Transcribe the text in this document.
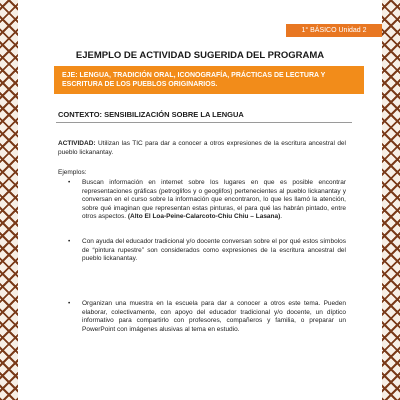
1° BÁSICO Unidad 2
EJEMPLO DE ACTIVIDAD SUGERIDA DEL PROGRAMA
EJE: LENGUA, TRADICIÓN ORAL, ICONOGRAFÍA, PRÁCTICAS DE LECTURA Y ESCRITURA DE LOS PUEBLOS ORIGINARIOS.
CONTEXTO: SENSIBILIZACIÓN SOBRE LA LENGUA

ACTIVIDAD: Utilizan las TIC para dar a conocer a otros expresiones de la escritura ancestral del pueblo lickanantay.

Ejemplos:

• Buscan información en internet sobre los lugares en que es posible encontrar representaciones gráficas (petroglifos y o geoglifos) pertenecientes al pueblo lickanantay y conversan en el curso sobre la información que encontraron, lo que les llamó la atención, sobre qué imaginan que representan estas pinturas, el para qué las habrán pintado, entre otros aspectos. (Alto El Loa-Peine-Calarcoto-Chiu Chiu – Lasana).

• Con ayuda del educador tradicional y/o docente conversan sobre el por qué estos símbolos de “pintura rupestre” son considerados como expresiones de la escritura ancestral del pueblo lickanantay.

• Organizan una muestra en la escuela para dar a conocer a otros este tema. Pueden elaborar, colectivamente, con apoyo del educador tradicional y/o docente, un díptico informativo para compartirlo con profesores, compañeros y familia, o preparar un PowerPoint con imágenes alusivas al tema en estudio.
